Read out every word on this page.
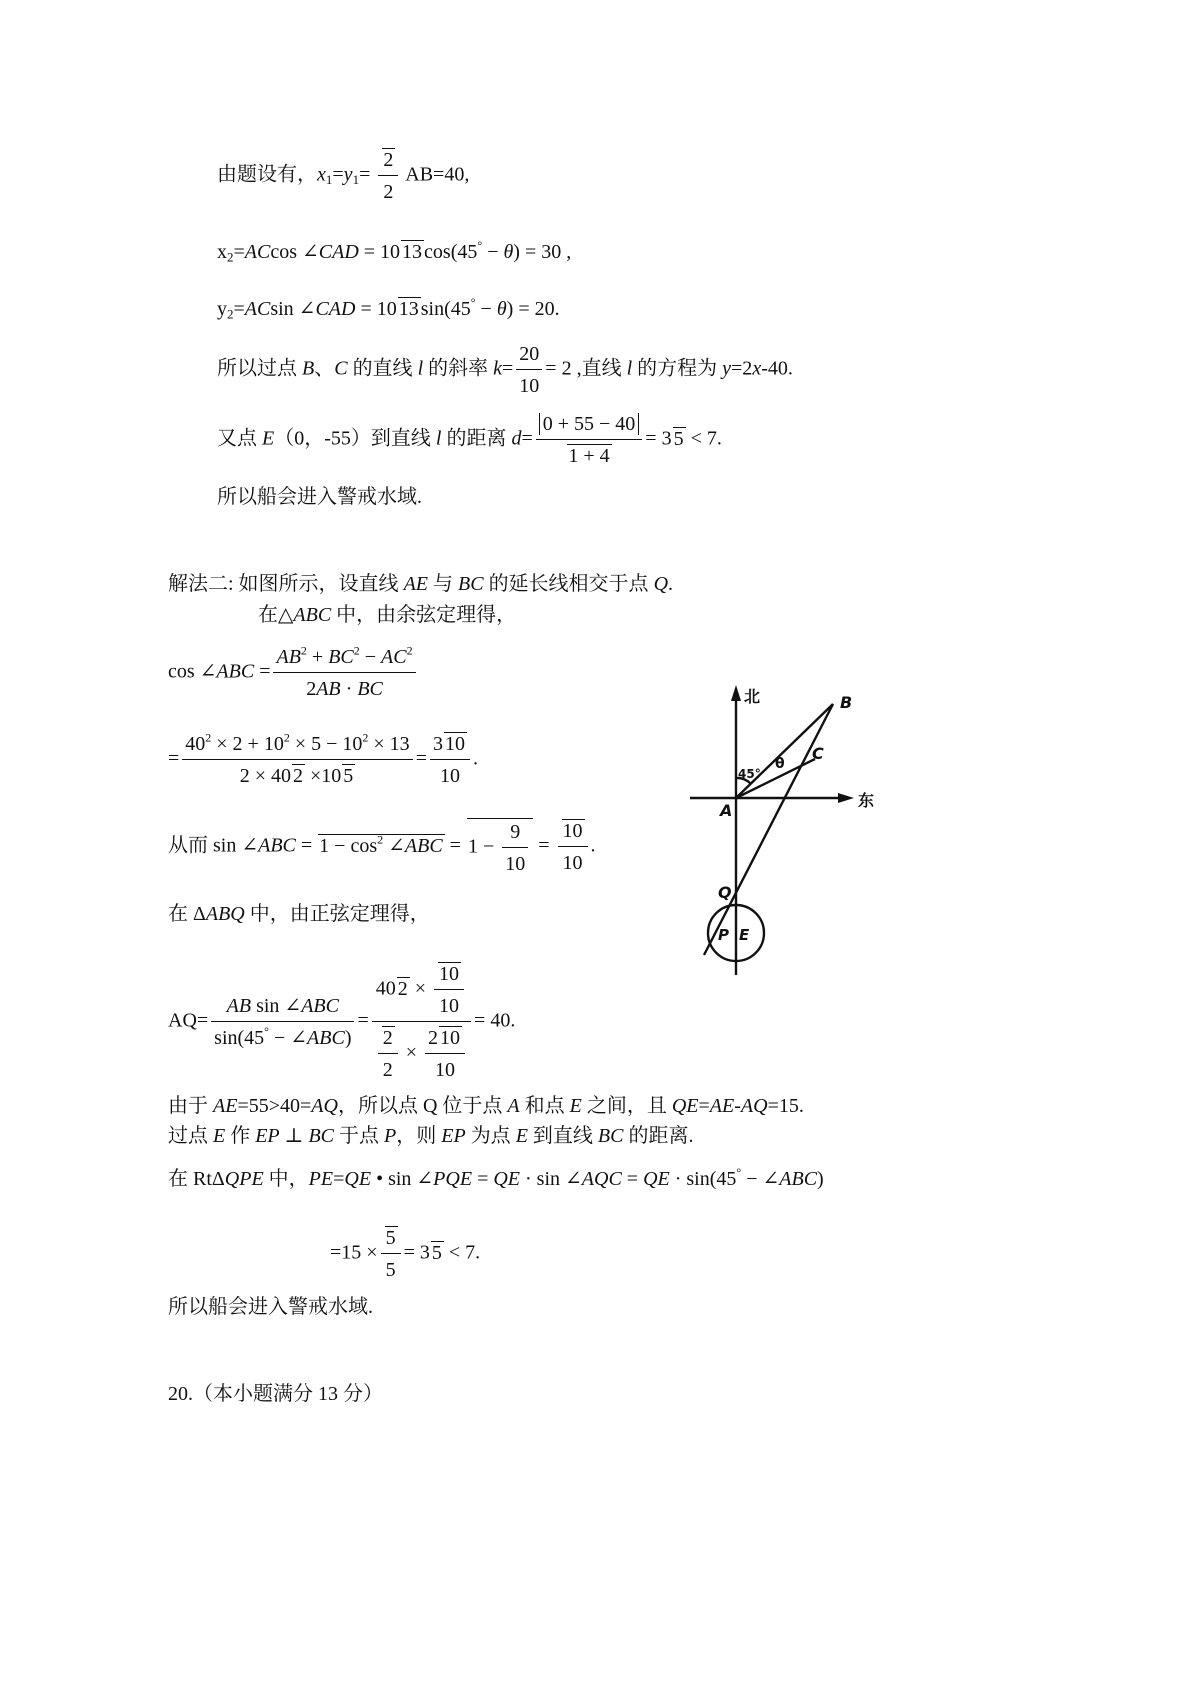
由题设有，$x_1=y_1= \frac{2}{2} AB=40$,
$x_2=ACcos$ ∠CAD = 10 13 cos(45° − θ) = 30 ,
$y_2=ACsin$ ∠CAD = 10 13 sin(45° − θ) = 20.
所以过点 B、C 的直线 l 的斜率 $k= \frac{20}{10} = 2$ ,直线 l 的方程为 y=2x-40.
又点 E（0，-55）到直线 l 的距离 $d= \frac{0 + 55 - 40}{1 + 4} = 3$ 5 < 7.
所以船会进入警戒水域.
解法二: 如图所示，设直线 AE 与 BC 的延长线相交于点 Q.
在△ABC 中，由余弦定理得，
cos ∠ABC = $\frac{AB^2 + BC^2 - AC^2}{2AB \cdot BC}$
= $\frac{40^2 \times 2 + 10^2 \times 5 - 10^2 \times 13}{2 \times 40 2 \times 10 5} = \frac{3 10}{10}$ .
从而 sin ∠ABC = $1 - \cos^2$ ∠ABC = $1 - \frac{9}{10} = \frac{10}{10}$ .
在 ΔABQ 中，由正弦定理得，
$AQ= \frac{\text{AB sin ∠ABC}}{\sin(45^\circ - \angle ABC)} = \frac{40 2 \times \frac{10}{10}}{\frac{2}{2} \times \frac{2 10}{10}} = 40$.
由于 AE=55>40=AQ，所以点 Q 位于点 A 和点 E 之间，且 QE=AE-AQ=15.
过点 E 作 EP ⊥ BC 于点 P，则 EP 为点 E 到直线 BC 的距离.
在 RtΔQPE 中，PE=QE • sin ∠PQE = QE · sin ∠AQC = QE · sin(45° − ∠ABC)
$=15 \times \frac{5}{5} = 3$ 5 < 7.
所以船会进入警戒水域.
20.（本小题满分 13 分）
北
东
B
C
A
Q
P E
θ
45°
